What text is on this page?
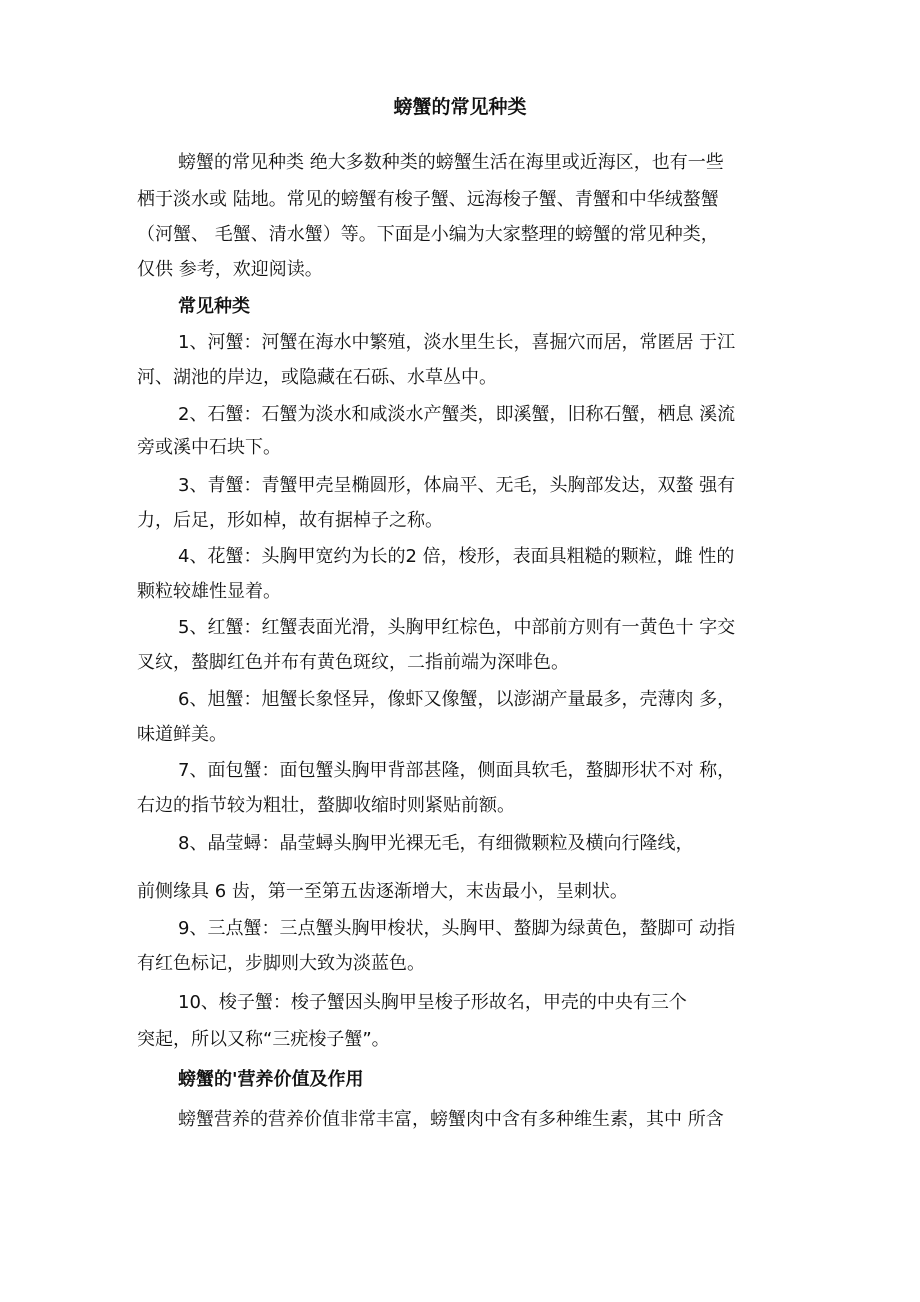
螃蟹的常见种类
螃蟹的常见种类 绝大多数种类的螃蟹生活在海里或近海区，也有一些
栖于淡水或 陆地。常见的螃蟹有梭子蟹、远海梭子蟹、青蟹和中华绒螯蟹
（河蟹、 毛蟹、清水蟹）等。下面是小编为大家整理的螃蟹的常见种类，
仅供 参考，欢迎阅读。
常见种类
1、河蟹：河蟹在海水中繁殖，淡水里生长，喜掘穴而居，常匿居 于江
河、湖池的岸边，或隐藏在石砾、水草丛中。
2、石蟹：石蟹为淡水和咸淡水产蟹类，即溪蟹，旧称石蟹，栖息 溪流
旁或溪中石块下。
3、青蟹：青蟹甲壳呈椭圆形，体扁平、无毛，头胸部发达，双螯 强有
力，后足，形如棹，故有据棹子之称。
4、花蟹：头胸甲宽约为长的2 倍，梭形，表面具粗糙的颗粒，雌 性的
颗粒较雄性显着。
5、红蟹：红蟹表面光滑，头胸甲红棕色，中部前方则有一黄色十 字交
叉纹，螯脚红色并布有黄色斑纹，二指前端为深啡色。
6、旭蟹：旭蟹长象怪异，像虾又像蟹，以澎湖产量最多，壳薄肉 多，
味道鲜美。
7、面包蟹：面包蟹头胸甲背部甚隆，侧面具软毛，螯脚形状不对 称，
右边的指节较为粗壮，螯脚收缩时则紧贴前额。
8、晶莹蟳：晶莹蟳头胸甲光裸无毛，有细微颗粒及横向行隆线，
前侧缘具 6 齿，第一至第五齿逐渐增大，末齿最小，呈刺状。
9、三点蟹：三点蟹头胸甲梭状，头胸甲、螯脚为绿黄色，螯脚可 动指
有红色标记，步脚则大致为淡蓝色。
10、梭子蟹：梭子蟹因头胸甲呈梭子形故名，甲壳的中央有三个
突起，所以又称“三疣梭子蟹”。
螃蟹的'营养价值及作用
螃蟹营养的营养价值非常丰富，螃蟹肉中含有多种维生素，其中 所含
